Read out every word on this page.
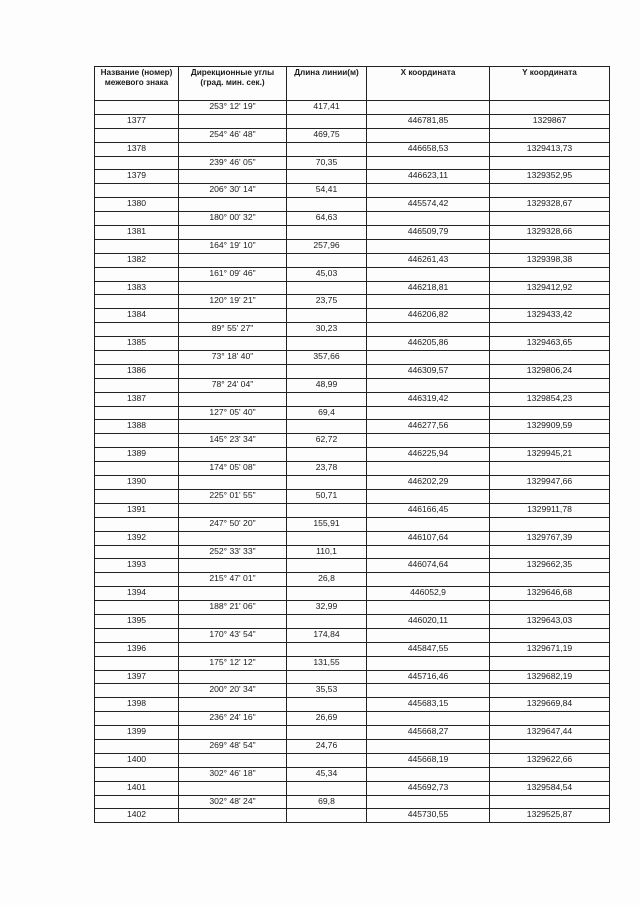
Название (номер) межевого знака	Дирекционные углы (град. мин. сек.)	Длина линии(м)	X координата	Y координата
	253° 12' 19"	417,41		
1377			446781,85	1329867
	254° 46' 48"	469,75		
1378			446658,53	1329413,73
	239° 46' 05"	70,35		
1379			446623,11	1329352,95
	206° 30' 14"	54,41		
1380			445574,42	1329328,67
	180° 00' 32"	64,63		
1381			446509,79	1329328,66
	164° 19' 10"	257,96		
1382			446261,43	1329398,38
	161° 09' 46"	45,03		
1383			446218,81	1329412,92
	120° 19' 21"	23,75		
1384			446206,82	1329433,42
	89° 55' 27"	30,23		
1385			446205,86	1329463,65
	73° 18' 40"	357,66		
1386			446309,57	1329806,24
	78° 24' 04"	48,99		
1387			446319,42	1329854,23
	127° 05' 40"	69,4		
1388			446277,56	1329909,59
	145° 23' 34"	62,72		
1389			446225,94	1329945,21
	174° 05' 08"	23,78		
1390			446202,29	1329947,66
	225° 01' 55"	50,71		
1391			446166,45	1329911,78
	247° 50' 20"	155,91		
1392			446107,64	1329767,39
	252° 33' 33"	110,1		
1393			446074,64	1329662,35
	215° 47' 01"	26,8		
1394			446052,9	1329646,68
	188° 21' 06"	32,99		
1395			446020,11	1329643,03
	170° 43' 54"	174,84		
1396			445847,55	1329671,19
	175° 12' 12"	131,55		
1397			445716,46	1329682,19
	200° 20' 34"	35,53		
1398			445683,15	1329669,84
	236° 24' 16"	26,69		
1399			445668,27	1329647,44
	269° 48' 54"	24,76		
1400			445668,19	1329622,66
	302° 46' 18"	45,34		
1401			445692,73	1329584,54
	302° 48' 24"	69,8		
1402			445730,55	1329525,87
